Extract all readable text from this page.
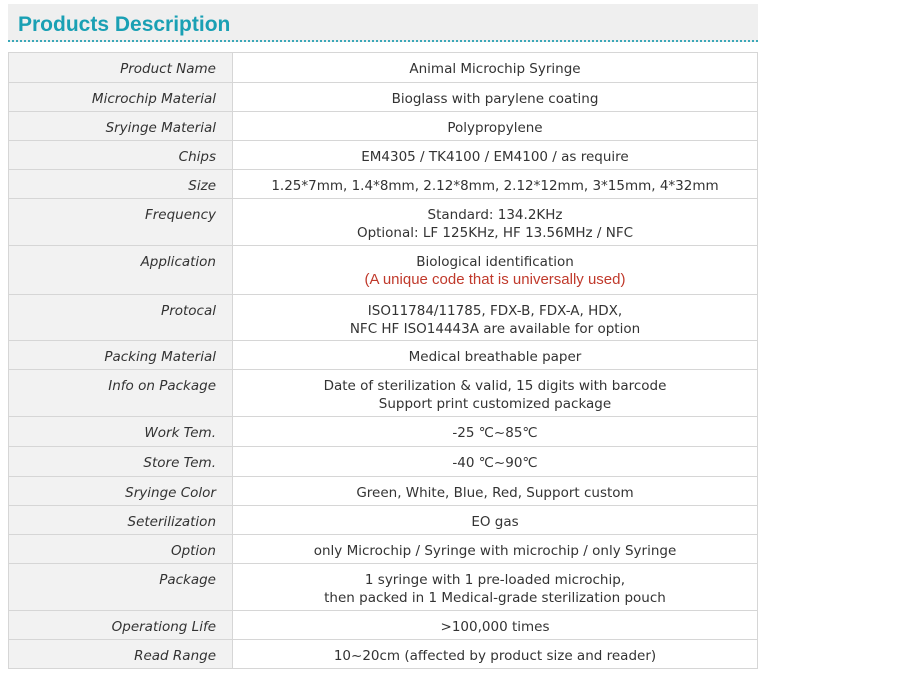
Products Description
Product Name	Animal Microchip Syringe

Microchip Material	Bioglass with parylene coating

Sryinge Material	Polypropylene

Chips	EM4305 / TK4100 / EM4100 / as require

Size	1.25*7mm, 1.4*8mm, 2.12*8mm, 2.12*12mm, 3*15mm, 4*32mm

Frequency	Standard: 134.2KHz
Optional: LF 125KHz, HF 13.56MHz / NFC

Application	Biological identification
(A unique code that is universally used)

Protocal	ISO11784/11785, FDX-B, FDX-A, HDX,
NFC HF ISO14443A are available for option

Packing Material	Medical breathable paper

Info on Package	Date of sterilization & valid, 15 digits with barcode
Support print customized package

Work Tem.	-25 ℃~85℃

Store Tem.	-40 ℃~90℃

Sryinge Color	Green, White, Blue, Red, Support custom

Seterilization	EO gas

Option	only Microchip / Syringe with microchip / only Syringe

Package	1 syringe with 1 pre-loaded microchip,
then packed in 1 Medical-grade sterilization pouch

Operationg Life	>100,000 times

Read Range	10~20cm (affected by product size and reader)
